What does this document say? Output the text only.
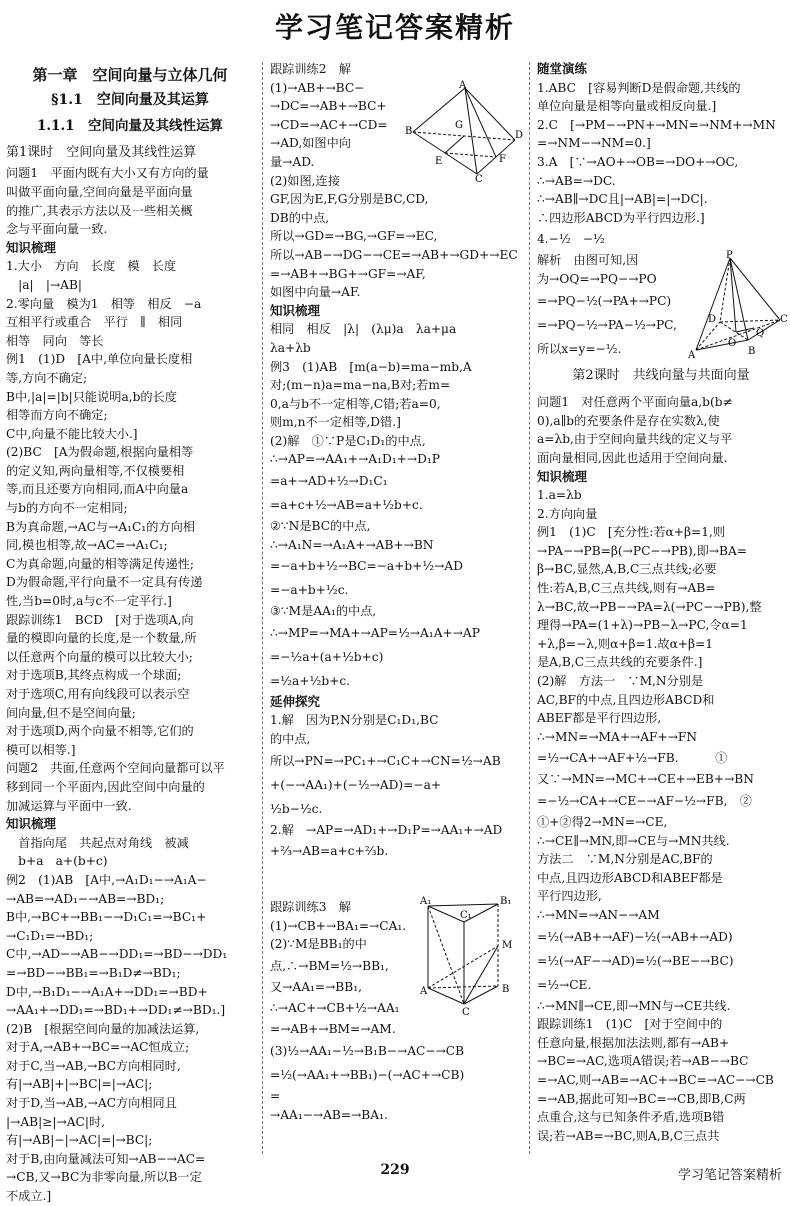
学习笔记答案精析
第一章　空间向量与立体几何
§1.1　空间向量及其运算
1.1.1　空间向量及其线性运算
第1课时　空间向量及其线性运算
问题1　平面内既有大小又有方向的量
叫做平面向量,空间向量是平面向量
的推广,其表示方法以及一些相关概
念与平面向量一致.
知识梳理
1.大小　方向　长度　模　长度
　|a|　|→AB|
2.零向量　模为1　相等　相反　−a
互相平行或重合　平行　∥　相同
相等　同向　等长
例1　(1)D　[A中,单位向量长度相
等,方向不确定;
B中,|a|=|b|只能说明a,b的长度
相等而方向不确定;
C中,向量不能比较大小.]
(2)BC　[A为假命题,根据向量相等
的定义知,两向量相等,不仅模要相
等,而且还要方向相同,而A中向量a
与b的方向不一定相同;
B为真命题,→AC与→A₁C₁的方向相
同,模也相等,故→AC=→A₁C₁;
C为真命题,向量的相等满足传递性;
D为假命题,平行向量不一定具有传递
性,当b=0时,a与c不一定平行.]
跟踪训练1　BCD　[对于选项A,向
量的模即向量的长度,是一个数量,所
以任意两个向量的模可以比较大小;
对于选项B,其终点构成一个球面;
对于选项C,用有向线段可以表示空
间向量,但不是空间向量;
对于选项D,两个向量不相等,它们的
模可以相等.]
问题2　共面,任意两个空间向量都可以平
移到同一个平面内,因此空间中向量的
加减运算与平面中一致.
知识梳理
　首指向尾　共起点对角线　被减
　b+a　a+(b+c)
例2　(1)AB　[A中,→A₁D₁−→A₁A−
→AB=→AD₁−→AB=→BD₁;
B中,→BC+→BB₁−→D₁C₁=→BC₁+
→C₁D₁=→BD₁;
C中,→AD−→AB−→DD₁=→BD−→DD₁
=→BD−→BB₁=→B₁D≠→BD₁;
D中,→B₁D₁−→A₁A+→DD₁=→BD+
→AA₁+→DD₁=→BD₁+→DD₁≠→BD₁.]
(2)B　[根据空间向量的加减法运算,
对于A,→AB+→BC=→AC恒成立;
对于C,当→AB,→BC方向相同时,
有|→AB|+|→BC|=|→AC|;
对于D,当→AB,→AC方向相同且
|→AB|≥|→AC|时,
有|→AB|−|→AC|=|→BC|;
对于B,由向量减法可知→AB−→AC=
→CB,又→BC为非零向量,所以B一定
不成立.]
跟踪训练2　解
(1)→AB+→BC−
→DC=→AB+→BC+
→CD=→AC+→CD=
→AD,如图中向
量→AD.
(2)如图,连接
GF,因为E,F,G分别是BC,CD,
DB的中点,
所以→GD=→BG,→GF=→EC,
所以→AB−→DG−→CE=→AB+→GD+→EC
=→AB+→BG+→GF=→AF,
如图中向量→AF.
知识梳理
相同　相反　|λ|　(λμ)a　λa+μa
λa+λb
例3　(1)AB　[m(a−b)=ma−mb,A
对;(m−n)a=ma−na,B对;若m=
0,a与b不一定相等,C错;若a=0,
则m,n不一定相等,D错.]
(2)解　①∵P是C₁D₁的中点,
∴→AP=→AA₁+→A₁D₁+→D₁P
=a+→AD+½→D₁C₁
=a+c+½→AB=a+½b+c.
②∵N是BC的中点,
∴→A₁N=→A₁A+→AB+→BN
=−a+b+½→BC=−a+b+½→AD
=−a+b+½c.
③∵M是AA₁的中点,
∴→MP=→MA+→AP=½→A₁A+→AP
=−½a+(a+½b+c)
=½a+½b+c.
延伸探究
1.解　因为P,N分别是C₁D₁,BC
的中点,
所以→PN=→PC₁+→C₁C+→CN=½→AB
+(−→AA₁)+(−½→AD)=−a+
½b−½c.
2.解　→AP=→AD₁+→D₁P=→AA₁+→AD
+⅔→AB=a+c+⅔b.
跟踪训练3　解
(1)→CB+→BA₁=→CA₁.
(2)∵M是BB₁的中
点,∴→BM=½→BB₁,
又→AA₁=→BB₁,
∴→AC+→CB+½→AA₁
=→AB+→BM=→AM.
(3)½→AA₁−½→B₁B−→AC−→CB
=½(→AA₁+→BB₁)−(→AC+→CB)
=
→AA₁−→AB=→BA₁.
A
G
B	D
E	F
C
A₁
C₁
B₁
M
A	B
C
随堂演练
1.ABC　[容易判断D是假命题,共线的
单位向量是相等向量或相反向量.]
2.C　[→PM−→PN+→MN=→NM+→MN
=→NM−→NM=0.]
3.A　[∵→AO+→OB=→DO+→OC,
∴→AB=→DC.
∴→AB∥→DC且|→AB|=|→DC|.
∴四边形ABCD为平行四边形.]
4.−½　−½
解析　由图可知,因
为→OQ=→PQ−→PO
=→PQ−½(→PA+→PC)
=→PQ−½→PA−½→PC,
所以x=y=−½.
第2课时　共线向量与共面向量
问题1　对任意两个平面向量a,b(b≠
0),a∥b的充要条件是存在实数λ,使
a=λb,由于空间向量共线的定义与平
面向量相同,因此也适用于空间向量.
知识梳理
1.a=λb
2.方向向量
例1　(1)C　[充分性:若α+β=1,则
→PA−→PB=β(→PC−→PB),即→BA=
β→BC,显然,A,B,C三点共线;必要
性:若A,B,C三点共线,则有→AB=
λ→BC,故→PB−→PA=λ(→PC−→PB),整
理得→PA=(1+λ)→PB−λ→PC,令α=1
+λ,β=−λ,则α+β=1.故α+β=1
是A,B,C三点共线的充要条件.]
(2)解　方法一　∵M,N分别是
AC,BF的中点,且四边形ABCD和
ABEF都是平行四边形,
∴→MN=→MA+→AF+→FN
=½→CA+→AF+½→FB.　　　①
又∵→MN=→MC+→CE+→EB+→BN
=−½→CA+→CE−→AF−½→FB,　②
①+②得2→MN=→CE,
∴→CE∥→MN,即→CE与→MN共线.
方法二　∵M,N分别是AC,BF的
中点,且四边形ABCD和ABEF都是
平行四边形,
∴→MN=→AN−→AM
=½(→AB+→AF)−½(→AB+→AD)
=½(→AF−→AD)=½(→BE−→BC)
=½→CE.
∴→MN∥→CE,即→MN与→CE共线.
跟踪训练1　(1)C　[对于空间中的
任意向量,根据加法法则,都有→AB+
→BC=→AC,选项A错误;若→AB−→BC
=→AC,则→AB=→AC+→BC=→AC−→CB
=→AB,据此可知→BC=→CB,即B,C两
点重合,这与已知条件矛盾,选项B错
误;若→AB=→BC,则A,B,C三点共
P
D	C
O
A	B
Q
229	学习笔记答案精析
